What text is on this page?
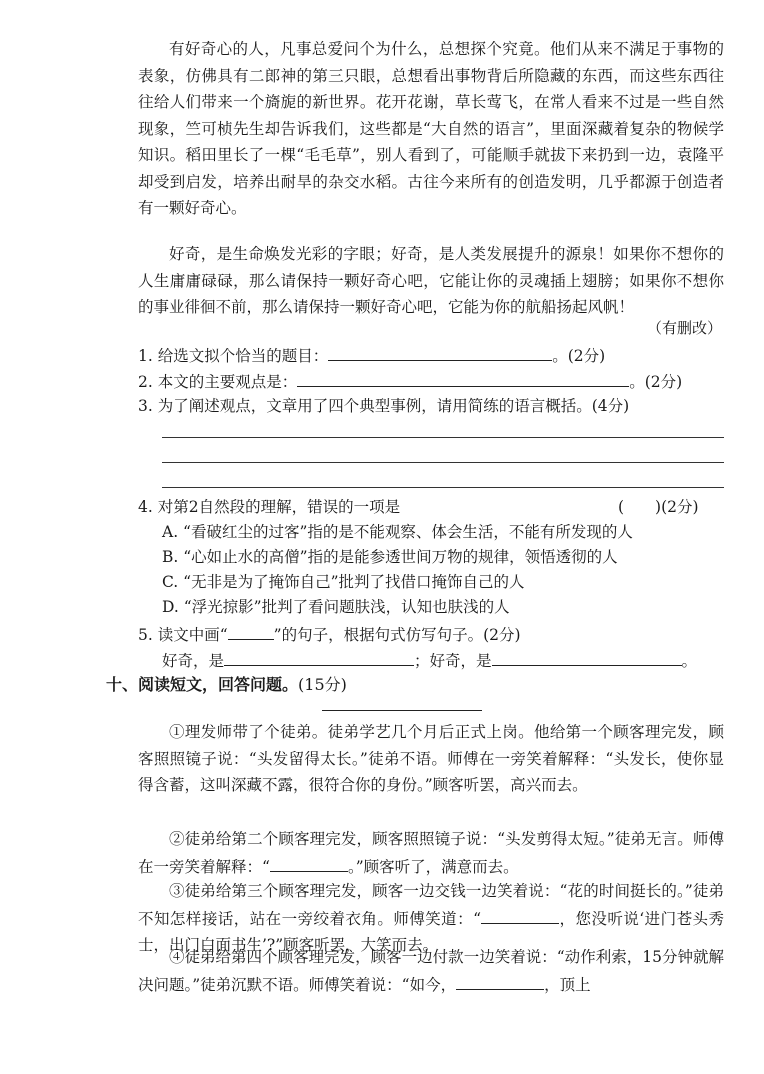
有好奇心的人，凡事总爱问个为什么，总想探个究竟。他们从来不满足于事物的表象，仿佛具有二郎神的第三只眼，总想看出事物背后所隐藏的东西，而这些东西往往给人们带来一个旖旎的新世界。花开花谢，草长莺飞，在常人看来不过是一些自然现象，竺可桢先生却告诉我们，这些都是“大自然的语言”，里面深藏着复杂的物候学知识。稻田里长了一棵“毛毛草”，别人看到了，可能顺手就拔下来扔到一边，袁隆平却受到启发，培养出耐旱的杂交水稻。古往今来所有的创造发明，几乎都源于创造者有一颗好奇心。

好奇，是生命焕发光彩的字眼；好奇，是人类发展提升的源泉！如果你不想你的人生庸庸碌碌，那么请保持一颗好奇心吧，它能让你的灵魂插上翅膀；如果你不想你的事业徘徊不前，那么请保持一颗好奇心吧，它能为你的航船扬起风帆！

（有删改）
1. 给选文拟个恰当的题目：	。(2分)
2. 本文的主要观点是：	。(2分)
3. 为了阐述观点，文章用了四个典型事例，请用简练的语言概括。(4分)
4. 对第2自然段的理解，错误的一项是	(　　)(2分)
A. “看破红尘的过客”指的是不能观察、体会生活，不能有所发现的人
B. “心如止水的高僧”指的是能参透世间万物的规律，领悟透彻的人
C. “无非是为了掩饰自己”批判了找借口掩饰自己的人
D. “浮光掠影”批判了看问题肤浅，认知也肤浅的人
5. 读文中画“	”的句子，根据句式仿写句子。(2分)
好奇，是	；好奇，是	。
十、阅读短文，回答问题。(15分)

①理发师带了个徒弟。徒弟学艺几个月后正式上岗。他给第一个顾客理完发，顾客照照镜子说：“头发留得太长。”徒弟不语。师傅在一旁笑着解释：“头发长，使你显得含蓄，这叫深藏不露，很符合你的身份。”顾客听罢，高兴而去。

②徒弟给第二个顾客理完发，顾客照照镜子说：“头发剪得太短。”徒弟无言。师傅在一旁笑着解释：“	。”顾客听了，满意而去。

③徒弟给第三个顾客理完发，顾客一边交钱一边笑着说：“花的时间挺长的。”徒弟不知怎样接话，站在一旁绞着衣角。师傅笑道：“	，您没听说‘进门苍头秀士，出门白面书生’?”顾客听罢，大笑而去。

④徒弟给第四个顾客理完发，顾客一边付款一边笑着说：“动作利索，15分钟就解决问题。”徒弟沉默不语。师傅笑着说：“如今，	，顶上
